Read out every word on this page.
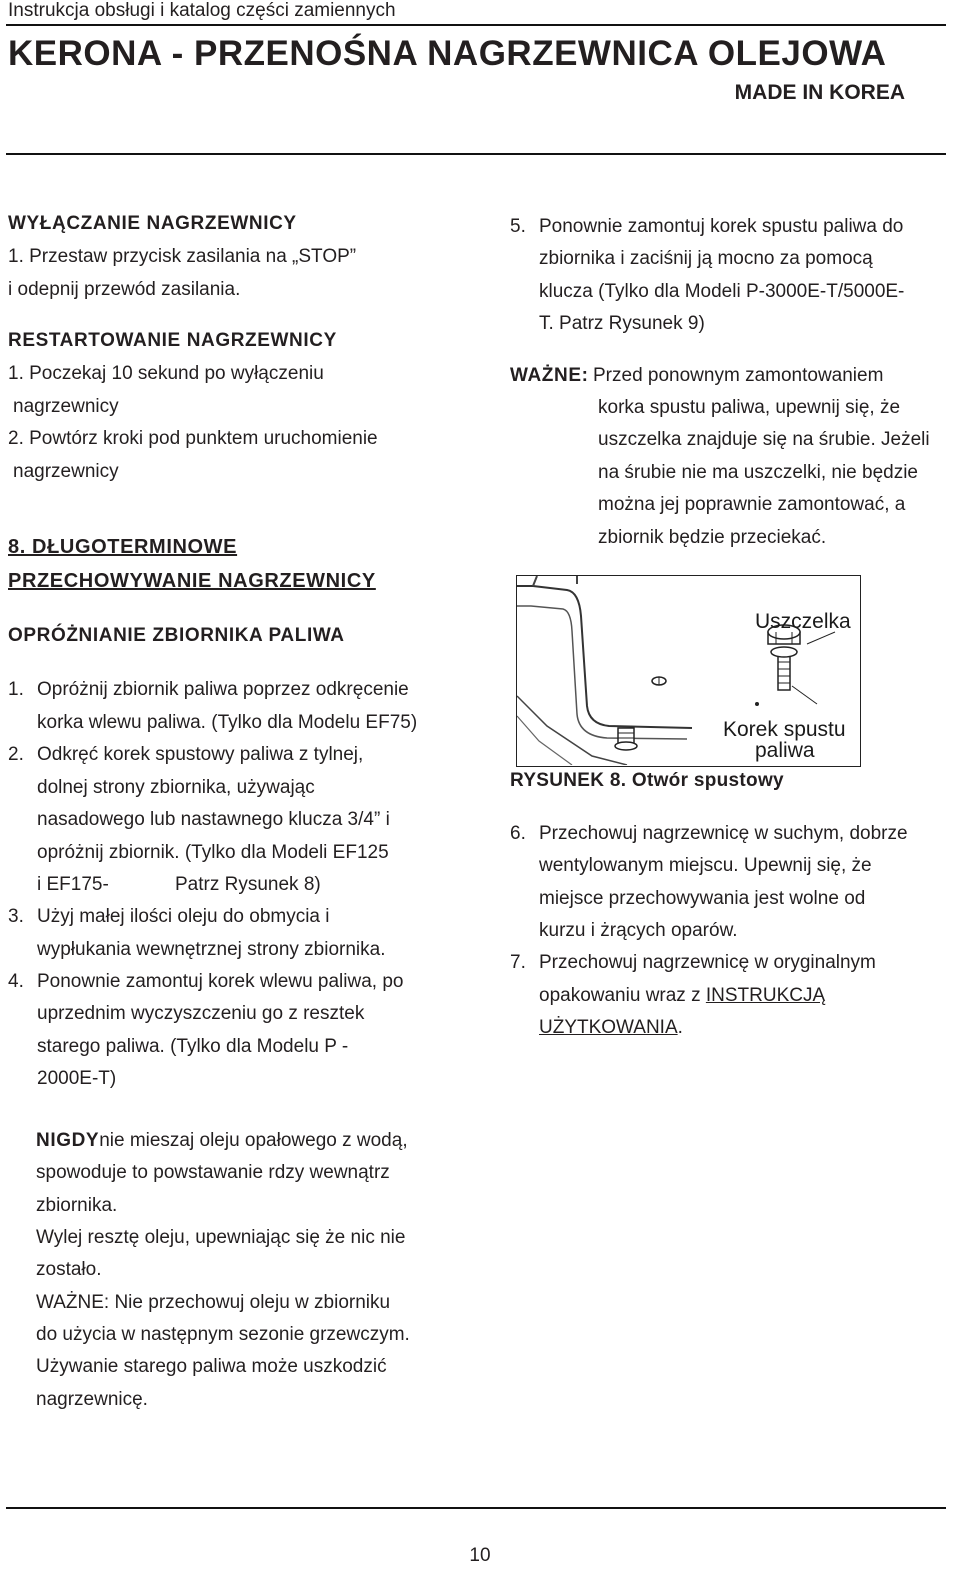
Instrukcja obsługi i katalog części zamiennych
KERONA - PRZENOŚNA NAGRZEWNICA OLEJOWA
MADE IN KOREA
WYŁĄCZANIE NAGRZEWNICY
1. Przestaw przycisk zasilania na „STOP”
i odepnij przewód zasilania.
RESTARTOWANIE NAGRZEWNICY
1. Poczekaj 10 sekund po wyłączeniu
nagrzewnicy
2. Powtórz kroki pod punktem uruchomienie
nagrzewnicy
8. DŁUGOTERMINOWE
PRZECHOWYWANIE NAGRZEWNICY
OPRÓŻNIANIE ZBIORNIKA PALIWA
1. Opróżnij zbiornik paliwa poprzez odkręcenie
korka wlewu paliwa. (Tylko dla Modelu EF75)
2. Odkręć korek spustowy paliwa z tylnej,
dolnej strony zbiornika, używając
nasadowego lub nastawnego klucza 3/4” i
opróżnij zbiornik. (Tylko dla Modeli EF125
i EF175-	Patrz Rysunek 8)
3. Użyj małej ilości oleju do obmycia i
wypłukania wewnętrznej strony zbiornika.
4. Ponownie zamontuj korek wlewu paliwa, po
uprzednim wyczyszczeniu go z resztek
starego paliwa. (Tylko dla Modelu P -
2000E-T)
NIGDYnie mieszaj oleju opałowego z wodą,
spowoduje to powstawanie rdzy wewnątrz
zbiornika.
Wylej resztę oleju, upewniając się że nic nie
zostało.
WAŻNE: Nie przechowuj oleju w zbiorniku
do użycia w następnym sezonie grzewczym.
Używanie starego paliwa może uszkodzić
nagrzewnicę.
5. Ponownie zamontuj korek spustu paliwa do
zbiornika i zaciśnij ją mocno za pomocą
klucza (Tylko dla Modeli P-3000E-T/5000E-
T. Patrz Rysunek 9)
WAŻNE: Przed ponownym zamontowaniem
korka spustu paliwa, upewnij się, że
uszczelka znajduje się na śrubie. Jeżeli
na śrubie nie ma uszczelki, nie będzie
można jej poprawnie zamontować, a
zbiornik będzie przeciekać.
Uszczelka
Korek spustu
paliwa
RYSUNEK 8. Otwór spustowy
6. Przechowuj nagrzewnicę w suchym, dobrze
wentylowanym miejscu. Upewnij się, że
miejsce przechowywania jest wolne od
kurzu i żrących oparów.
7. Przechowuj nagrzewnicę w oryginalnym
opakowaniu wraz z INSTRUKCJĄ
UŻYTKOWANIA.
10
